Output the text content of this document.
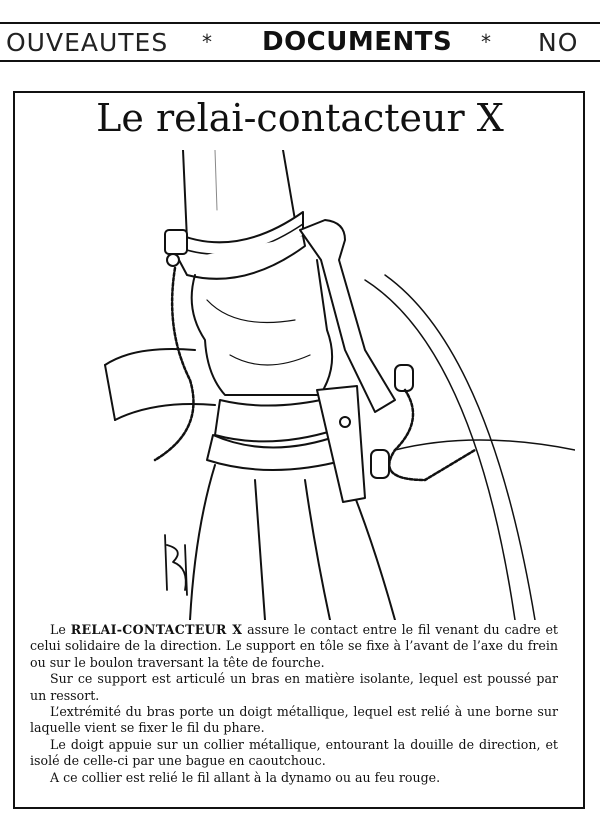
OUVEAUTES * DOCUMENTS * NO
Le relai-contacteur X

Le RELAI-CONTACTEUR X assure le contact entre le fil venant du cadre et celui solidaire de la direction. Le support en tôle se fixe à l’avant de l’axe du frein ou sur le boulon traversant la tête de fourche.

Sur ce support est articulé un bras en matière isolante, lequel est poussé par un ressort.

L’extrémité du bras porte un doigt métallique, lequel est relié à une borne sur laquelle vient se fixer le fil du phare.

Le doigt appuie sur un collier métallique, entourant la douille de direction, et isolé de celle-ci par une bague en caoutchouc.

A ce collier est relié le fil allant à la dynamo ou au feu rouge.
